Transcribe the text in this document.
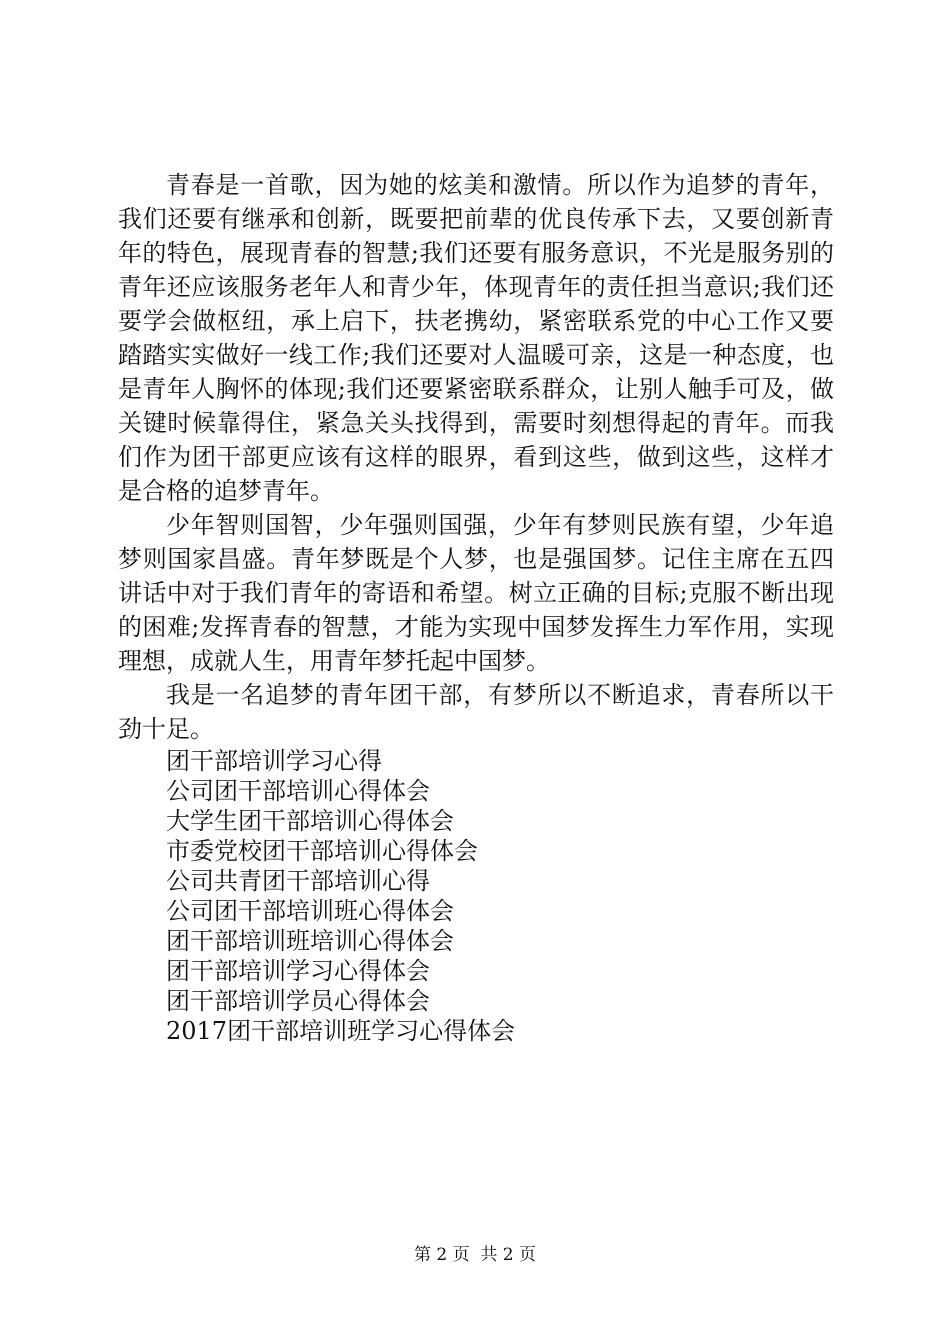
青春是一首歌，因为她的炫美和激情。所以作为追梦的青年，我们还要有继承和创新，既要把前辈的优良传承下去，又要创新青年的特色，展现青春的智慧;我们还要有服务意识，不光是服务别的青年还应该服务老年人和青少年，体现青年的责任担当意识;我们还要学会做枢纽，承上启下，扶老携幼，紧密联系党的中心工作又要踏踏实实做好一线工作;我们还要对人温暖可亲，这是一种态度，也是青年人胸怀的体现;我们还要紧密联系群众，让别人触手可及，做关键时候靠得住，紧急关头找得到，需要时刻想得起的青年。而我们作为团干部更应该有这样的眼界，看到这些，做到这些，这样才是合格的追梦青年。

少年智则国智，少年强则国强，少年有梦则民族有望，少年追梦则国家昌盛。青年梦既是个人梦，也是强国梦。记住主席在五四讲话中对于我们青年的寄语和希望。树立正确的目标;克服不断出现的困难;发挥青春的智慧，才能为实现中国梦发挥生力军作用，实现理想，成就人生，用青年梦托起中国梦。

我是一名追梦的青年团干部，有梦所以不断追求，青春所以干劲十足。

团干部培训学习心得
公司团干部培训心得体会
大学生团干部培训心得体会
市委党校团干部培训心得体会
公司共青团干部培训心得
公司团干部培训班心得体会
团干部培训班培训心得体会
团干部培训学习心得体会
团干部培训学员心得体会
2017团干部培训班学习心得体会
第 2 页  共 2 页
